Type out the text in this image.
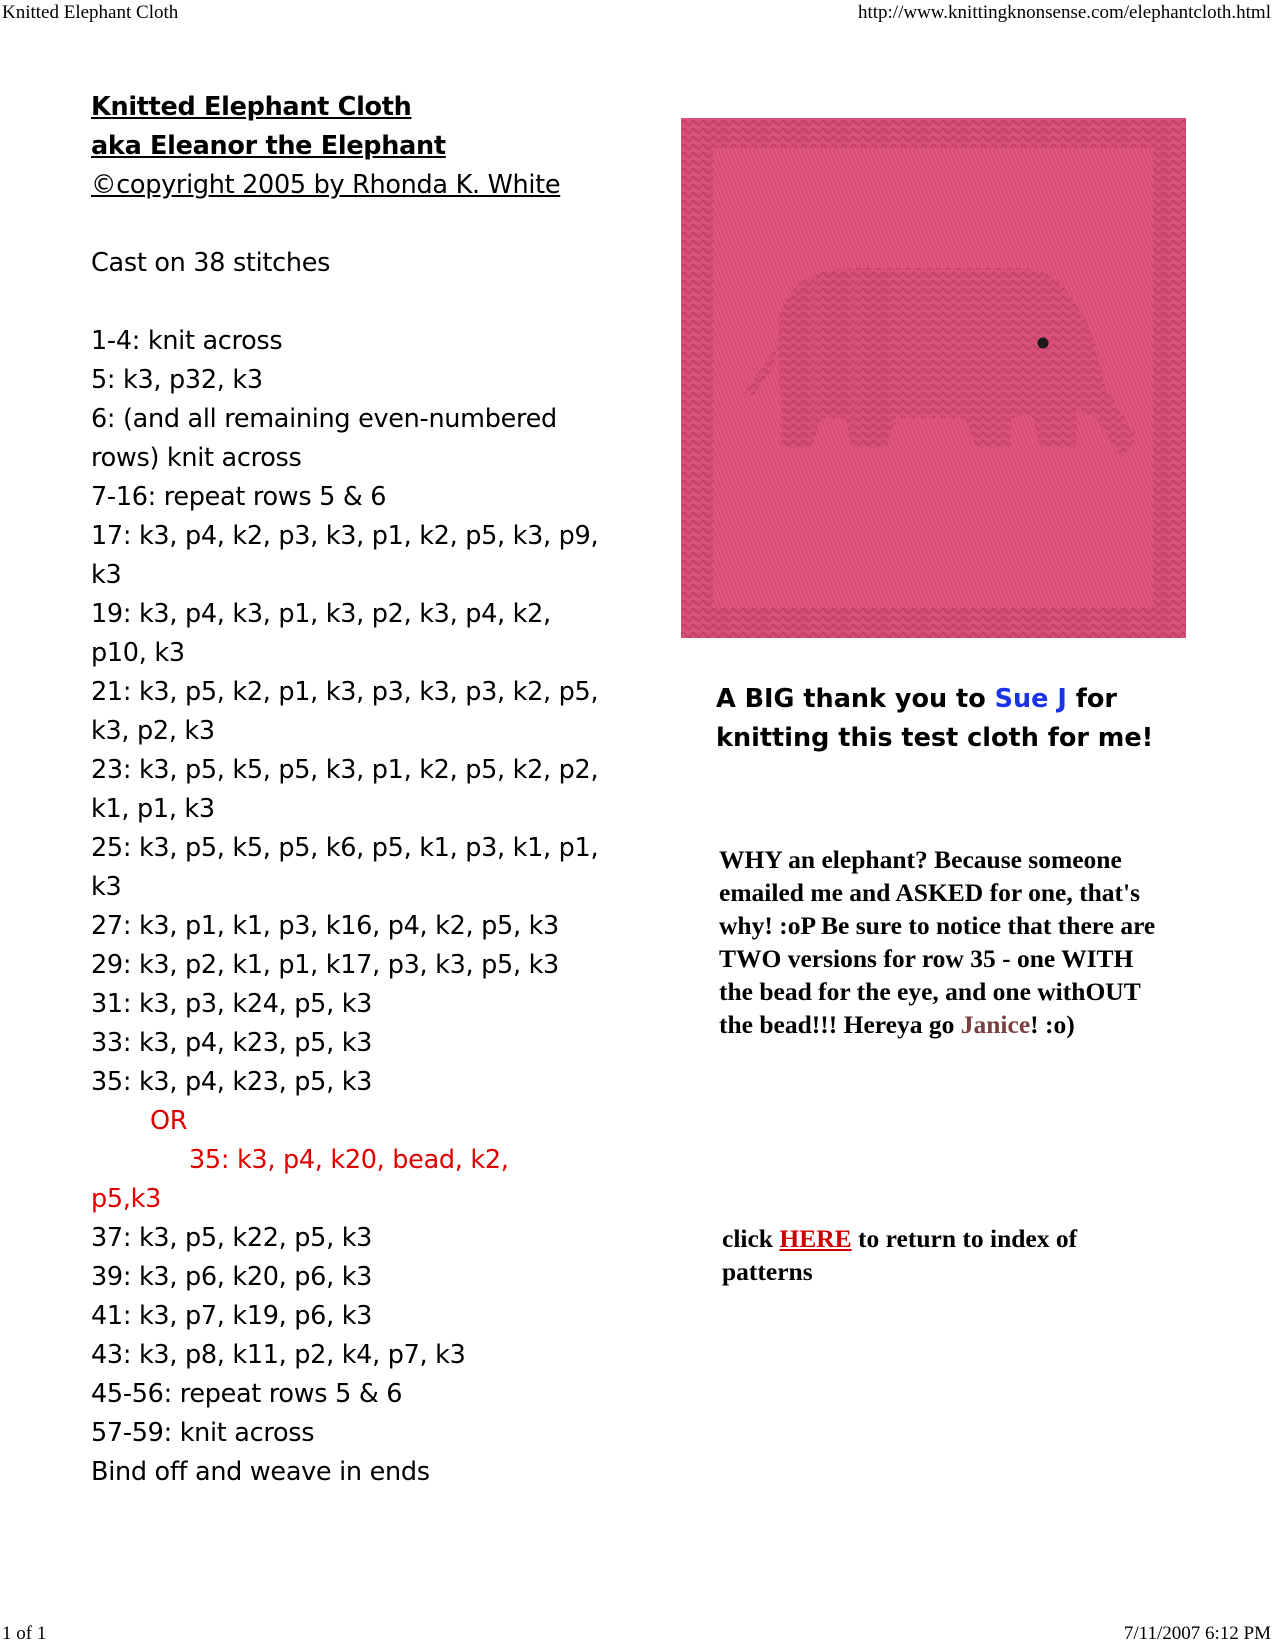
Knitted Elephant Cloth	http://www.knittingknonsense.com/elephantcloth.html
Knitted Elephant Cloth
aka Eleanor the Elephant
©copyright 2005 by Rhonda K. White
Cast on 38 stitches
1-4: knit across
5: k3, p32, k3
6: (and all remaining even-numbered rows) knit across
7-16: repeat rows 5 & 6
17: k3, p4, k2, p3, k3, p1, k2, p5, k3, p9, k3
19: k3, p4, k3, p1, k3, p2, k3, p4, k2, p10, k3
21: k3, p5, k2, p1, k3, p3, k3, p3, k2, p5, k3, p2, k3
23: k3, p5, k5, p5, k3, p1, k2, p5, k2, p2, k1, p1, k3
25: k3, p5, k5, p5, k6, p5, k1, p3, k1, p1, k3
27: k3, p1, k1, p3, k16, p4, k2, p5, k3
29: k3, p2, k1, p1, k17, p3, k3, p5, k3
31: k3, p3, k24, p5, k3
33: k3, p4, k23, p5, k3
35: k3, p4, k23, p5, k3
OR
35: k3, p4, k20, bead, k2,
p5,k3
37: k3, p5, k22, p5, k3
39: k3, p6, k20, p6, k3
41: k3, p7, k19, p6, k3
43: k3, p8, k11, p2, k4, p7, k3
45-56: repeat rows 5 & 6
57-59: knit across
Bind off and weave in ends
A BIG thank you to Sue J for knitting this test cloth for me!
WHY an elephant? Because someone emailed me and ASKED for one, that's why! :oP Be sure to notice that there are TWO versions for row 35 - one WITH the bead for the eye, and one withOUT the bead!!! Hereya go Janice! :o)
click HERE to return to index of patterns
1 of 1	7/11/2007 6:12 PM
